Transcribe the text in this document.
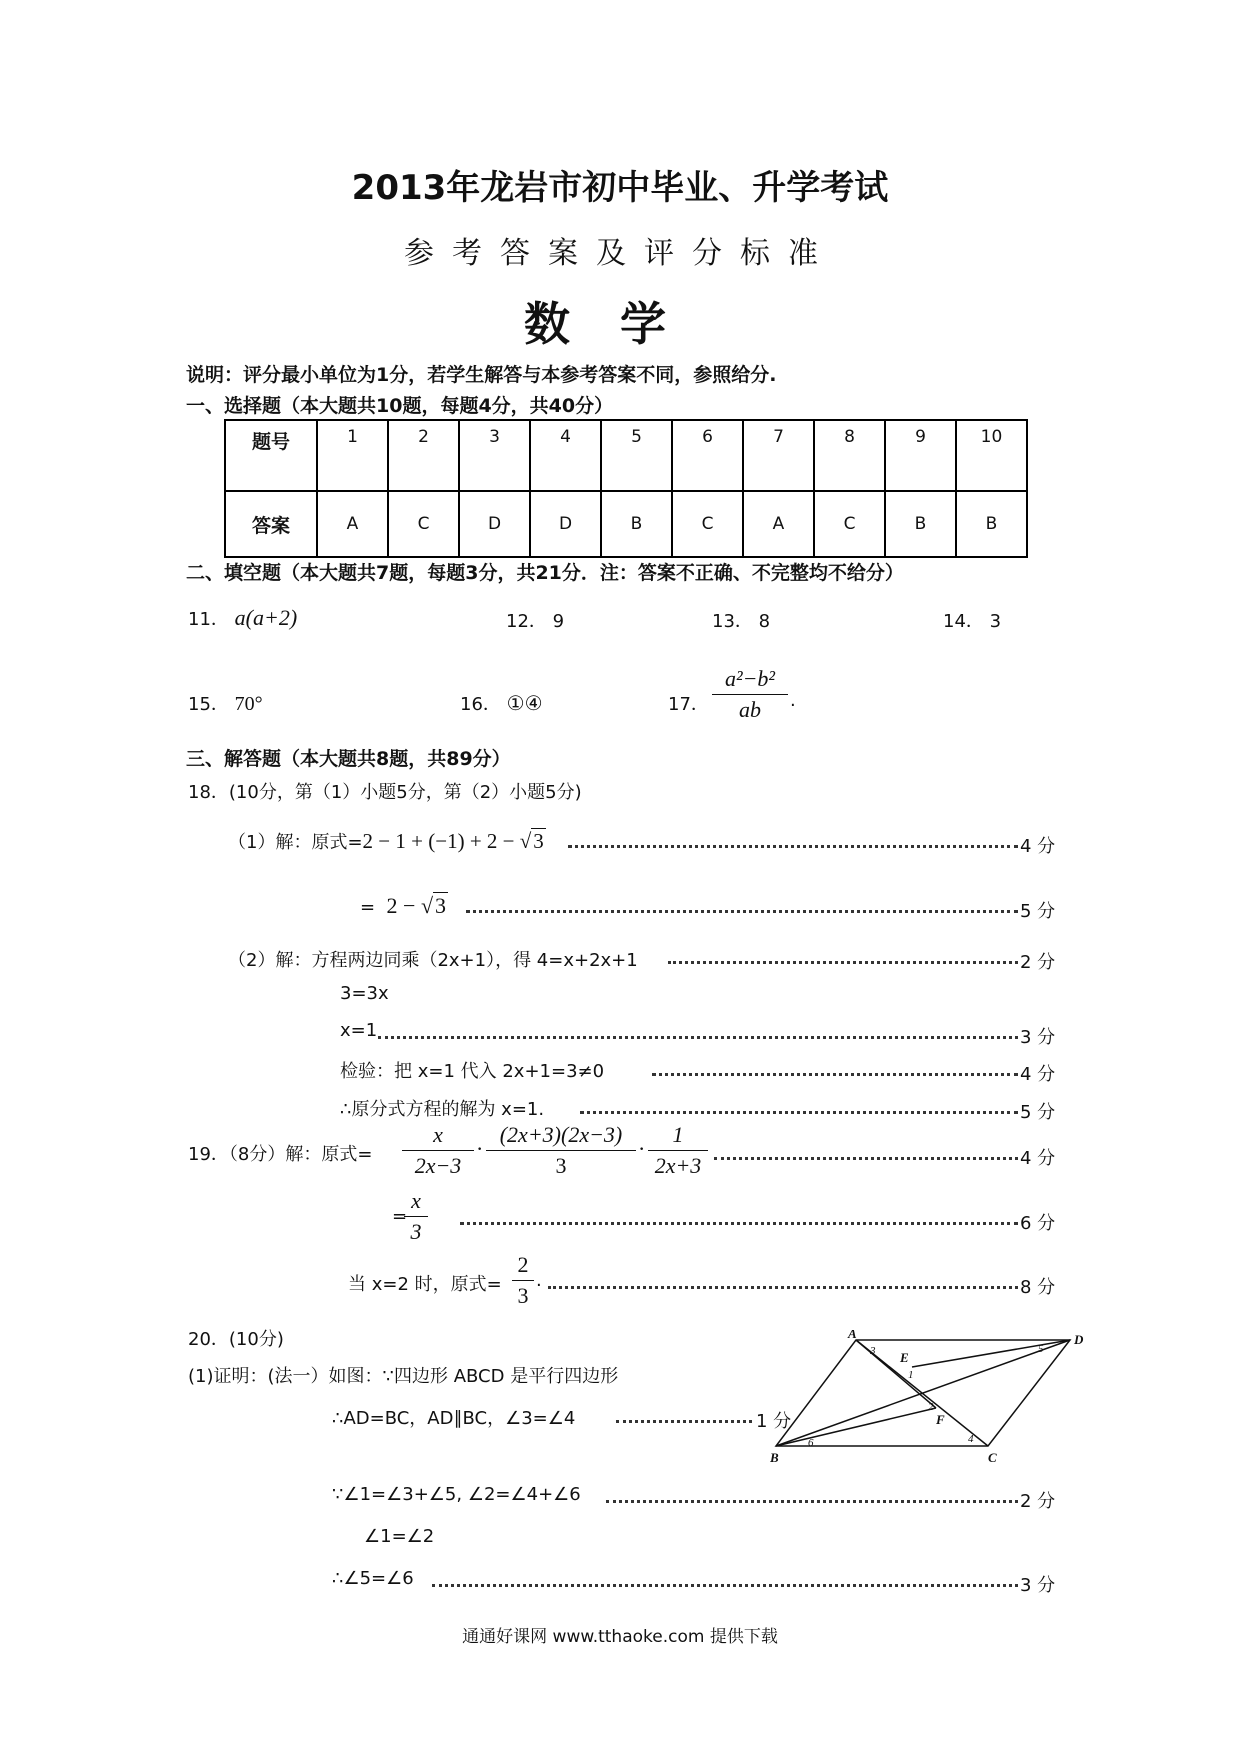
2013年龙岩市初中毕业、升学考试
参考答案及评分标准
数学
说明：评分最小单位为1分，若学生解答与本参考答案不同，参照给分.
一、选择题（本大题共10题，每题4分，共40分）
题号	1	2	3	4	5	6	7	8	9	10
答案	A	C	D	D	B	C	A	C	B	B
二、填空题（本大题共7题，每题3分，共21分．注：答案不正确、不完整均不给分）
11． a(a+2)	12． 9	13． 8	14． 3
15． 70°	16． ①④	17．
a²−b²
ab	.
三、解答题（本大题共8题，共89分）
18．(10分，第（1）小题5分，第（2）小题5分)
（1）解：原式=2 − 1 + (−1) + 2 − √3	4 分
= 2 − √3	5 分
（2）解：方程两边同乘（2x+1），得 4=x+2x+1	2 分
3=3x
x=1	3 分
检验：把 x=1 代入 2x+1=3≠0	4 分
∴原分式方程的解为 x=1.	5 分
19．（8分）解：原式=
x
2x−3
·
(2x+3)(2x−3)
3
·
1
2x+3	4 分
=
x
3	6 分
当 x=2 时，原式=
2
3
.	8 分
20．(10分)
(1)证明：(法一）如图：∵四边形 ABCD 是平行四边形
∴AD=BC，AD∥BC，∠3=∠4	1 分
∵∠1=∠3+∠5, ∠2=∠4+∠6	2 分
∠1=∠2
∴∠5=∠6	3 分
A	D
B	C
E
F
1
2
3
4
5
6
通通好课网 www.tthaoke.com 提供下载
